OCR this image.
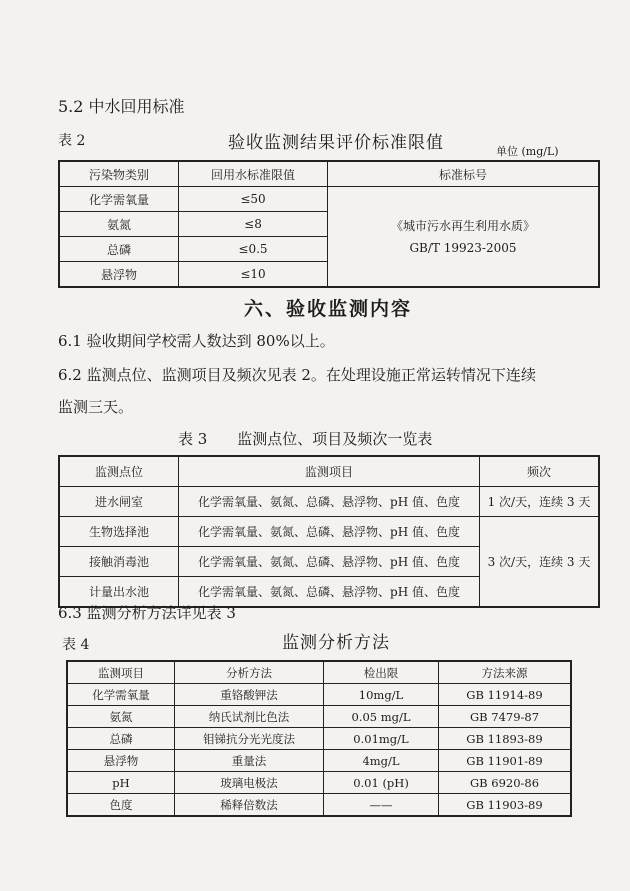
5.2 中水回用标准
表 2	验收监测结果评价标准限值	单位 (mg/L)
污染物类别	回用水标准限值	标准标号
化学需氧量	≤50	《城市污水再生利用水质》
GB/T 19923-2005

氨氮	≤8	
总磷	≤0.5	
悬浮物	≤10	
六、验收监测内容
6.1 验收期间学校需人数达到 80%以上。
6.2 监测点位、监测项目及频次见表 2。在处理设施正常运转情况下连续
监测三天。
表 3　　监测点位、项目及频次一览表
监测点位	监测项目	频次
进水闸室	化学需氧量、氨氮、总磷、悬浮物、pH 值、色度	1 次/天，连续 3 天
生物选择池	化学需氧量、氨氮、总磷、悬浮物、pH 值、色度	3 次/天，连续 3 天
接触消毒池	化学需氧量、氨氮、总磷、悬浮物、pH 值、色度	
计量出水池	化学需氧量、氨氮、总磷、悬浮物、pH 值、色度	
6.3 监测分析方法详见表 3
表 4	监测分析方法
监测项目	分析方法	检出限	方法来源
化学需氧量	重铬酸钾法	10mg/L	GB 11914-89
氨氮	纳氏试剂比色法	0.05 mg/L	GB 7479-87
总磷	钼锑抗分光光度法	0.01mg/L	GB 11893-89
悬浮物	重量法	4mg/L	GB 11901-89
pH	玻璃电极法	0.01 (pH)	GB 6920-86
色度	稀释倍数法	——	GB 11903-89
